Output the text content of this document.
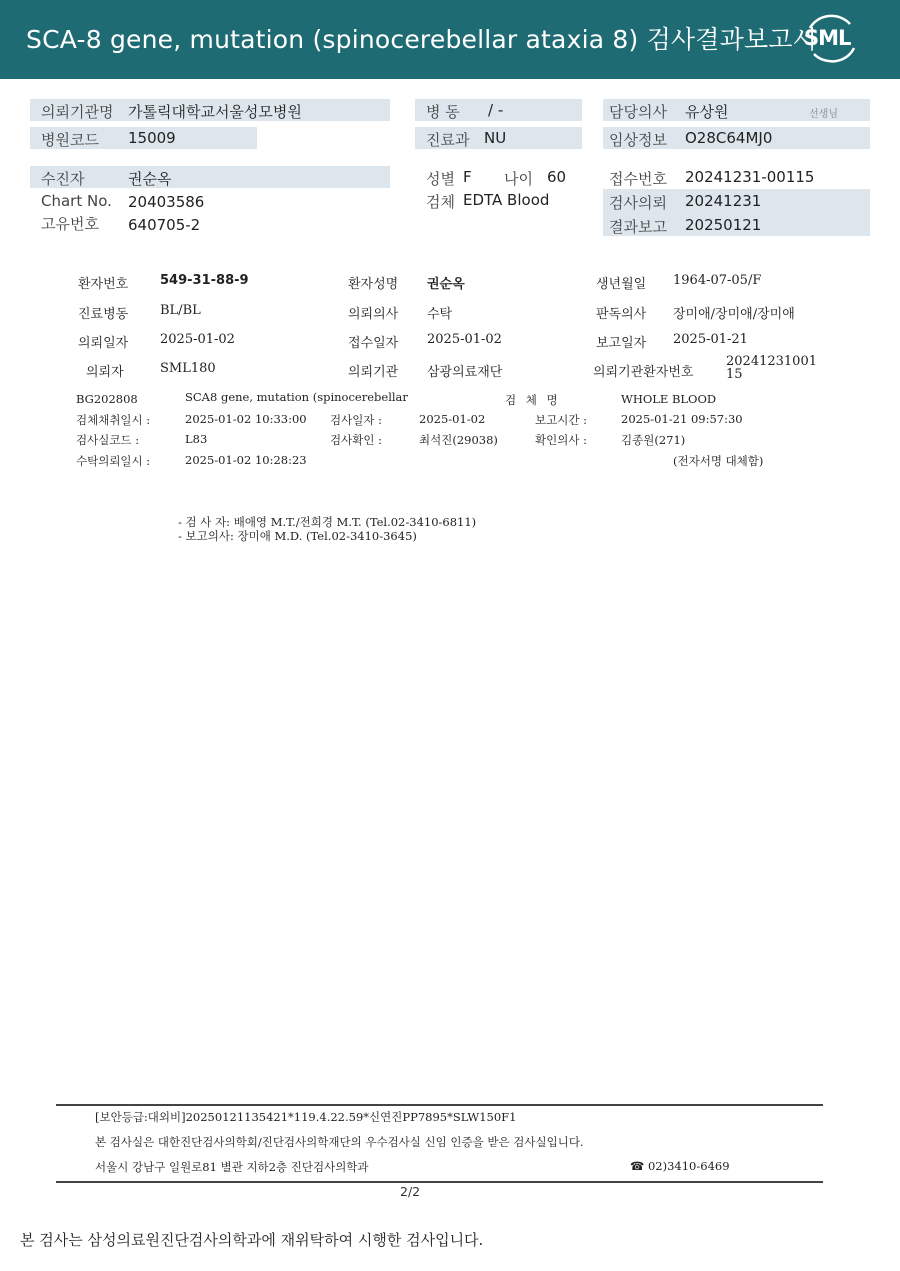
SCA-8 gene, mutation (spinocerebellar ataxia 8) 검사결과보고서
SML
의뢰기관명 가톨릭대학교서울성모병원	병 동 / -	담당의사 유상원	선생님
병원코드 15009	진료과 NU	임상정보 O28C64MJ0
수진자	권순옥	성별 F 나이 60	접수번호 20241231-00115
Chart No. 20403586	검체 EDTA Blood	검사의뢰 20241231
고유번호 640705-2	결과보고 20250121
환자번호 549-31-88-9	환자성명 권순옥	생년월일 1964-07-05/F
진료병동 BL/BL	의뢰의사 수탁	판독의사 장미애/장미애/장미애
의뢰일자 2025-01-02	접수일자 2025-01-02	보고일자 2025-01-21
의뢰자	SML180	의뢰기관 삼광의료재단	의뢰기관환자번호
2024123100115
BG202808	SCA8 gene, mutation (spinocerebellar	검 체 명	WHOLE BLOOD
검체채취일시 :	2025-01-02 10:33:00 검사일자 :	2025-01-02	보고시간 :	2025-01-21 09:57:30
검사실코드 :	L83	검사확인 :	최석진(29038)	확인의사 :	김종원(271)
수탁의뢰일시 :	2025-01-02 10:28:23	(전자서명 대체함)
- 검 사 자: 배애영 M.T./전희경 M.T. (Tel.02-3410-6811)
- 보고의사: 장미애 M.D. (Tel.02-3410-3645)
[보안등급:대외비]20250121135421*119.4.22.59*신연진PP7895*SLW150F1
본 검사실은 대한진단검사의학회/진단검사의학재단의 우수검사실 신임 인증을 받은 검사실입니다.
서울시 강남구 일원로81 별관 지하2층 진단검사의학과	☎ 02)3410-6469
2/2
본 검사는 삼성의료원진단검사의학과에 재위탁하여 시행한 검사입니다.
